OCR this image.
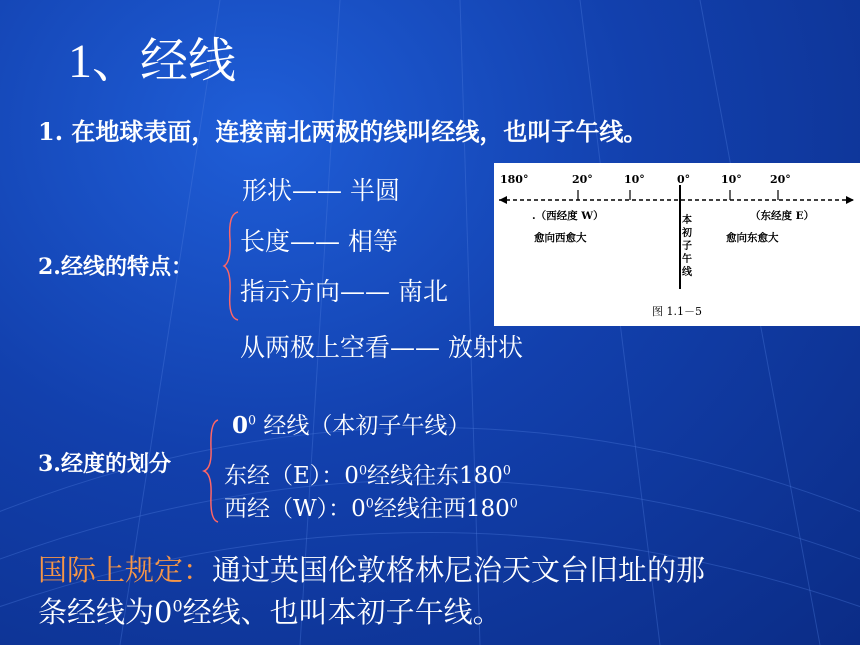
1、经线
1. 在地球表面，连接南北两极的线叫经线，也叫子午线。
2.经线的特点：
形状—— 半圆
长度—— 相等
指示方向—— 南北
从两极上空看—— 放射状
180°	20°	10°	0°	10°	20°
.（西经度 W）	（东经度 E）
愈向西愈大	愈向东愈大
本
初
子
午
线
图 1.1－5
3.经度的划分
$0^0$ 经线（本初子午线）
东经（E）：$0^0$经线往东$180^0$
西经（W）：$0^0$经线往西$180^0$
国际上规定：通过英国伦敦格林尼治天文台旧址的那
条经线为$0^0$经线、也叫本初子午线。
